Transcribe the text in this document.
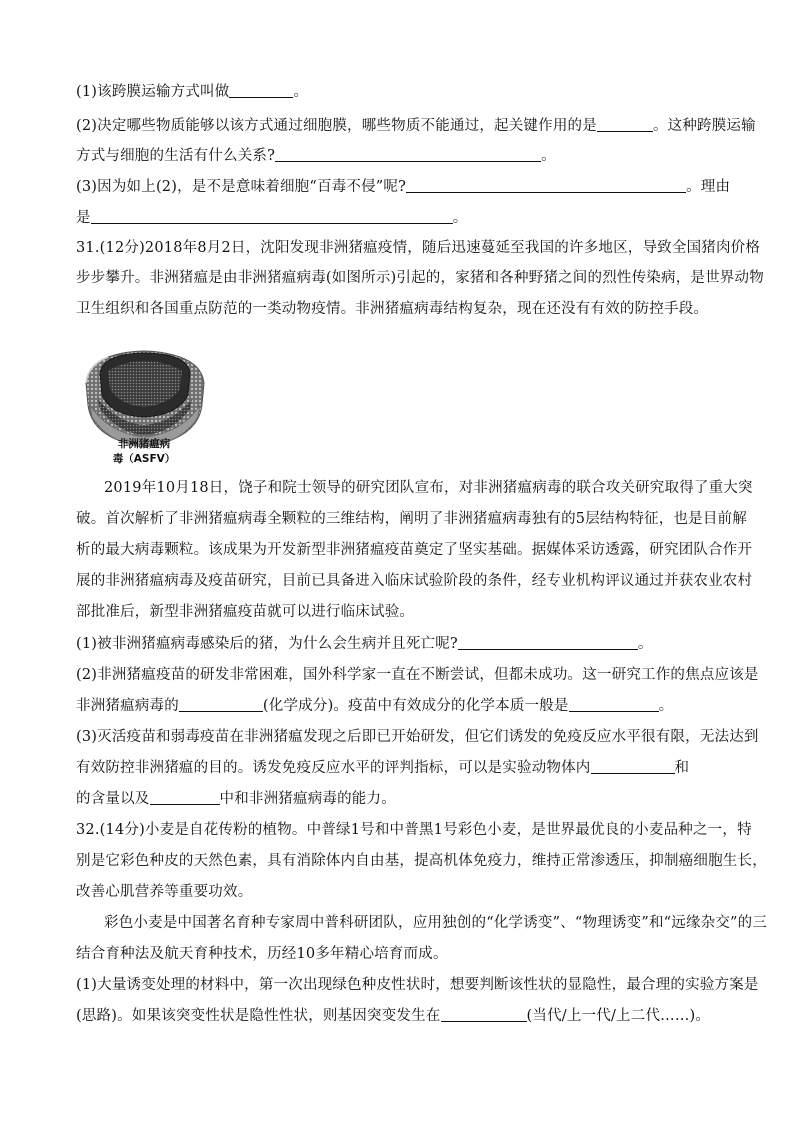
(1)该跨膜运输方式叫做	。
(2)决定哪些物质能够以该方式通过细胞膜，哪些物质不能通过，起关键作用的是	。这种跨膜运输
方式与细胞的生活有什么关系?	。
(3)因为如上(2)，是不是意味着细胞“百毒不侵”呢?	。理由
是	。
31.(12分)2018年8月2日，沈阳发现非洲猪瘟疫情，随后迅速蔓延至我国的许多地区，导致全国猪肉价格
步步攀升。非洲猪瘟是由非洲猪瘟病毒(如图所示)引起的，家猪和各种野猪之间的烈性传染病，是世界动物
卫生组织和各国重点防范的一类动物疫情。非洲猪瘟病毒结构复杂，现在还没有有效的防控手段。
非洲猪瘟病
毒（ASFV）
2019年10月18日，饶子和院士领导的研究团队宣布，对非洲猪瘟病毒的联合攻关研究取得了重大突
破。首次解析了非洲猪瘟病毒全颗粒的三维结构，阐明了非洲猪瘟病毒独有的5层结构特征，也是目前解
析的最大病毒颗粒。该成果为开发新型非洲猪瘟疫苗奠定了坚实基础。据媒体采访透露，研究团队合作开
展的非洲猪瘟病毒及疫苗研究，目前已具备进入临床试验阶段的条件，经专业机构评议通过并获农业农村
部批准后，新型非洲猪瘟疫苗就可以进行临床试验。
(1)被非洲猪瘟病毒感染后的猪，为什么会生病并且死亡呢?	。
(2)非洲猪瘟疫苗的研发非常困难，国外科学家一直在不断尝试，但都未成功。这一研究工作的焦点应该是
非洲猪瘟病毒的	(化学成分)。疫苗中有效成分的化学本质一般是	。
(3)灭活疫苗和弱毒疫苗在非洲猪瘟发现之后即已开始研发，但它们诱发的免疫反应水平很有限，无法达到
有效防控非洲猪瘟的目的。诱发免疫反应水平的评判指标，可以是实验动物体内	和
的含量以及	中和非洲猪瘟病毒的能力。
32.(14分)小麦是自花传粉的植物。中普绿1号和中普黑1号彩色小麦，是世界最优良的小麦品种之一，特
别是它彩色种皮的天然色素，具有消除体内自由基，提高机体免疫力，维持正常渗透压，抑制癌细胞生长，
改善心肌营养等重要功效。
彩色小麦是中国著名育种专家周中普科研团队，应用独创的“化学诱变”、“物理诱变”和“远缘杂交”的三
结合育种法及航天育种技术，历经10多年精心培育而成。
(1)大量诱变处理的材料中，第一次出现绿色种皮性状时，想要判断该性状的显隐性，最合理的实验方案是
(思路)。如果该突变性状是隐性性状，则基因突变发生在	(当代/上一代/上二代……)。
